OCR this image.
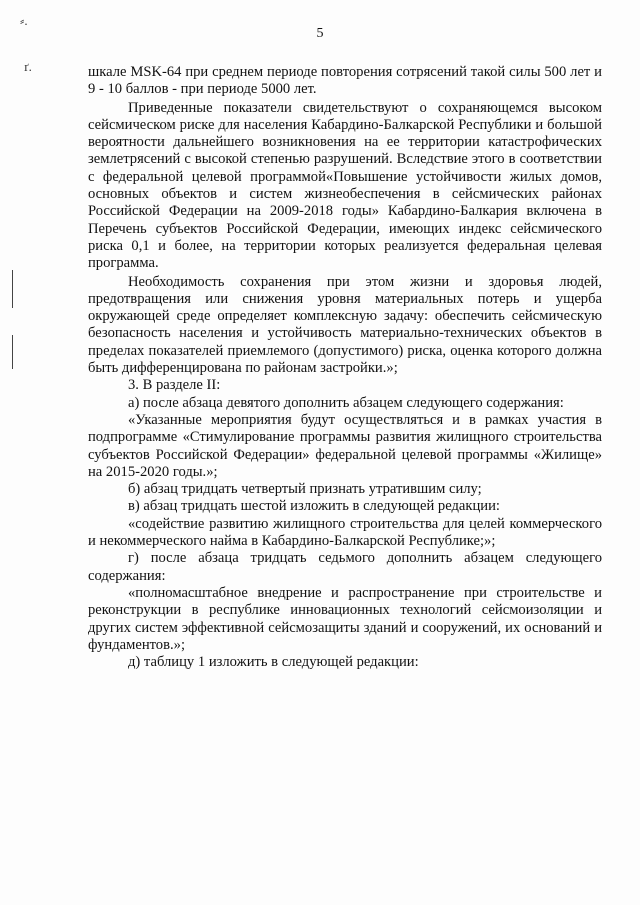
5
⸗.
ґ.	шкале MSK-64 при среднем периоде повторения сотрясений такой силы 500 лет и 9 - 10 баллов - при периоде 5000 лет.

Приведенные показатели свидетельствуют о сохраняющемся высоком сейсмическом риске для населения Кабардино-Балкарской Республики и большой вероятности дальнейшего возникновения на ее территории катастрофических землетрясений с высокой степенью разрушений. Вследствие этого в соответствии с федеральной целевой программой«Повышение устойчивости жилых домов, основных объектов и систем жизнеобеспечения в сейсмических районах Российской Федерации на 2009-2018 годы» Кабардино-Балкария включена в Перечень субъектов Российской Федерации, имеющих индекс сейсмического риска 0,1 и более, на территории которых реализуется федеральная целевая программа.

Необходимость сохранения при этом жизни и здоровья людей, предотвращения или снижения уровня материальных потерь и ущерба окружающей среде определяет комплексную задачу: обеспечить сейсмическую безопасность населения и устойчивость материально-технических объектов в пределах показателей приемлемого (допустимого) риска, оценка которого должна быть дифференцирована по районам застройки.»;

3. В разделе II:

а) после абзаца девятого дополнить абзацем следующего содержания:

«Указанные мероприятия будут осуществляться и в рамках участия в подпрограмме «Стимулирование программы развития жилищного строительства субъектов Российской Федерации» федеральной целевой программы «Жилище» на 2015-2020 годы.»;

б) абзац тридцать четвертый признать утратившим силу;

в) абзац тридцать шестой изложить в следующей редакции:

«содействие развитию жилищного строительства для целей коммерческого и некоммерческого найма в Кабардино-Балкарской Республике;»;

г) после абзаца тридцать седьмого дополнить абзацем следующего содержания:

«полномасштабное внедрение и распространение при строительстве и реконструкции в республике инновационных технологий сейсмоизоляции и других систем эффективной сейсмозащиты зданий и сооружений, их оснований и фундаментов.»;

д) таблицу 1 изложить в следующей редакции:
